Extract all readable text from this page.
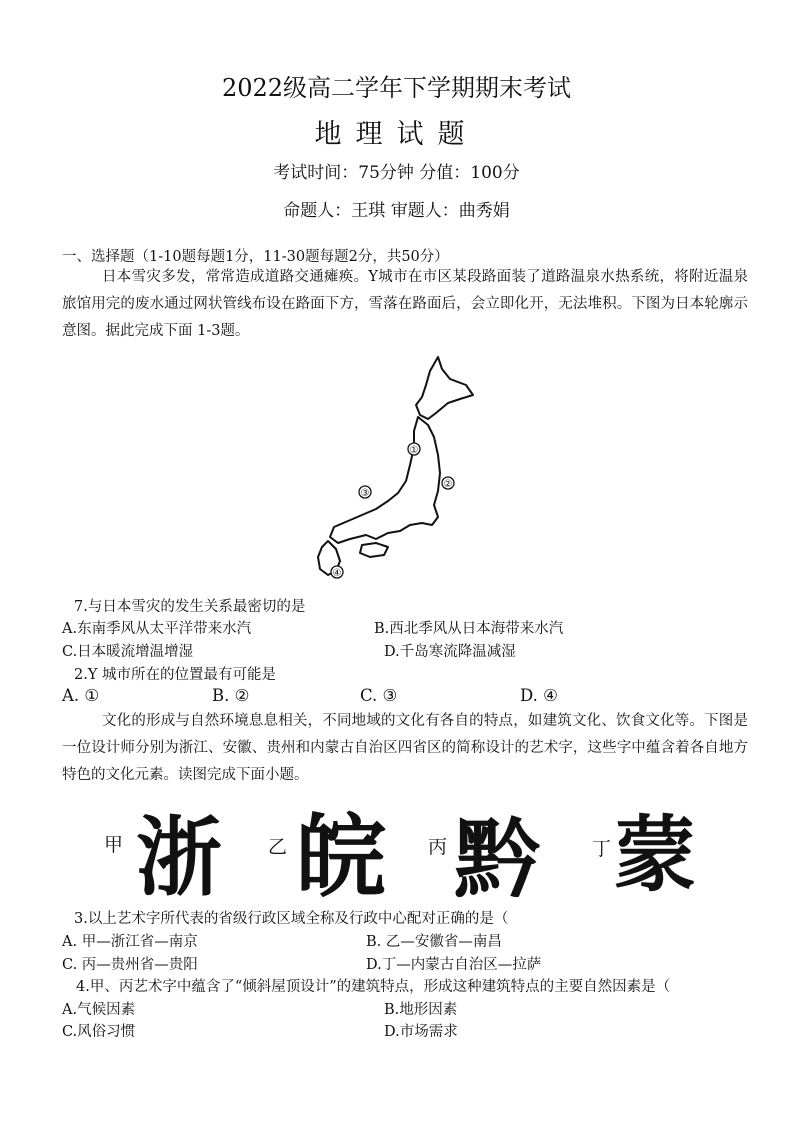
2022级高二学年下学期期末考试
地理试题
考试时间：75分钟 分值：100分
命题人：王琪 审题人：曲秀娟
一、选择题（1-10题每题1分，11-30题每题2分，共50分）

日本雪灾多发，常常造成道路交通瘫痪。Y城市在市区某段路面装了道路温泉水热系统，将附近温泉旅馆用完的废水通过网状管线布设在路面下方，雪落在路面后，会立即化开，无法堆积。下图为日本轮廓示意图。据此完成下面 1-3题。

①
②
③
④
7.与日本雪灾的发生关系最密切的是
A.东南季风从太平洋带来水汽	B.西北季风从日本海带来水汽
C.日本暖流增温增湿	D.千岛寒流降温减湿
2.Y 城市所在的位置最有可能是
A. ①	B. ②	C. ③	D. ④

文化的形成与自然环境息息相关，不同地域的文化有各自的特点，如建筑文化、饮食文化等。下图是一位设计师分别为浙江、安徽、贵州和内蒙古自治区四省区的简称设计的艺术字，这些字中蕴含着各自地方特色的文化元素。读图完成下面小题。

甲 浙	乙 皖 丙 黔	丁 蒙
3.以上艺术字所代表的省级行政区域全称及行政中心配对正确的是（
A. 甲—浙江省—南京	B. 乙—安徽省—南昌
C. 丙—贵州省—贵阳	D.丁—内蒙古自治区—拉萨
4.甲、丙艺术字中蕴含了“倾斜屋顶设计”的建筑特点，形成这种建筑特点的主要自然因素是（
A.气候因素	B.地形因素
C.风俗习惯	D.市场需求
